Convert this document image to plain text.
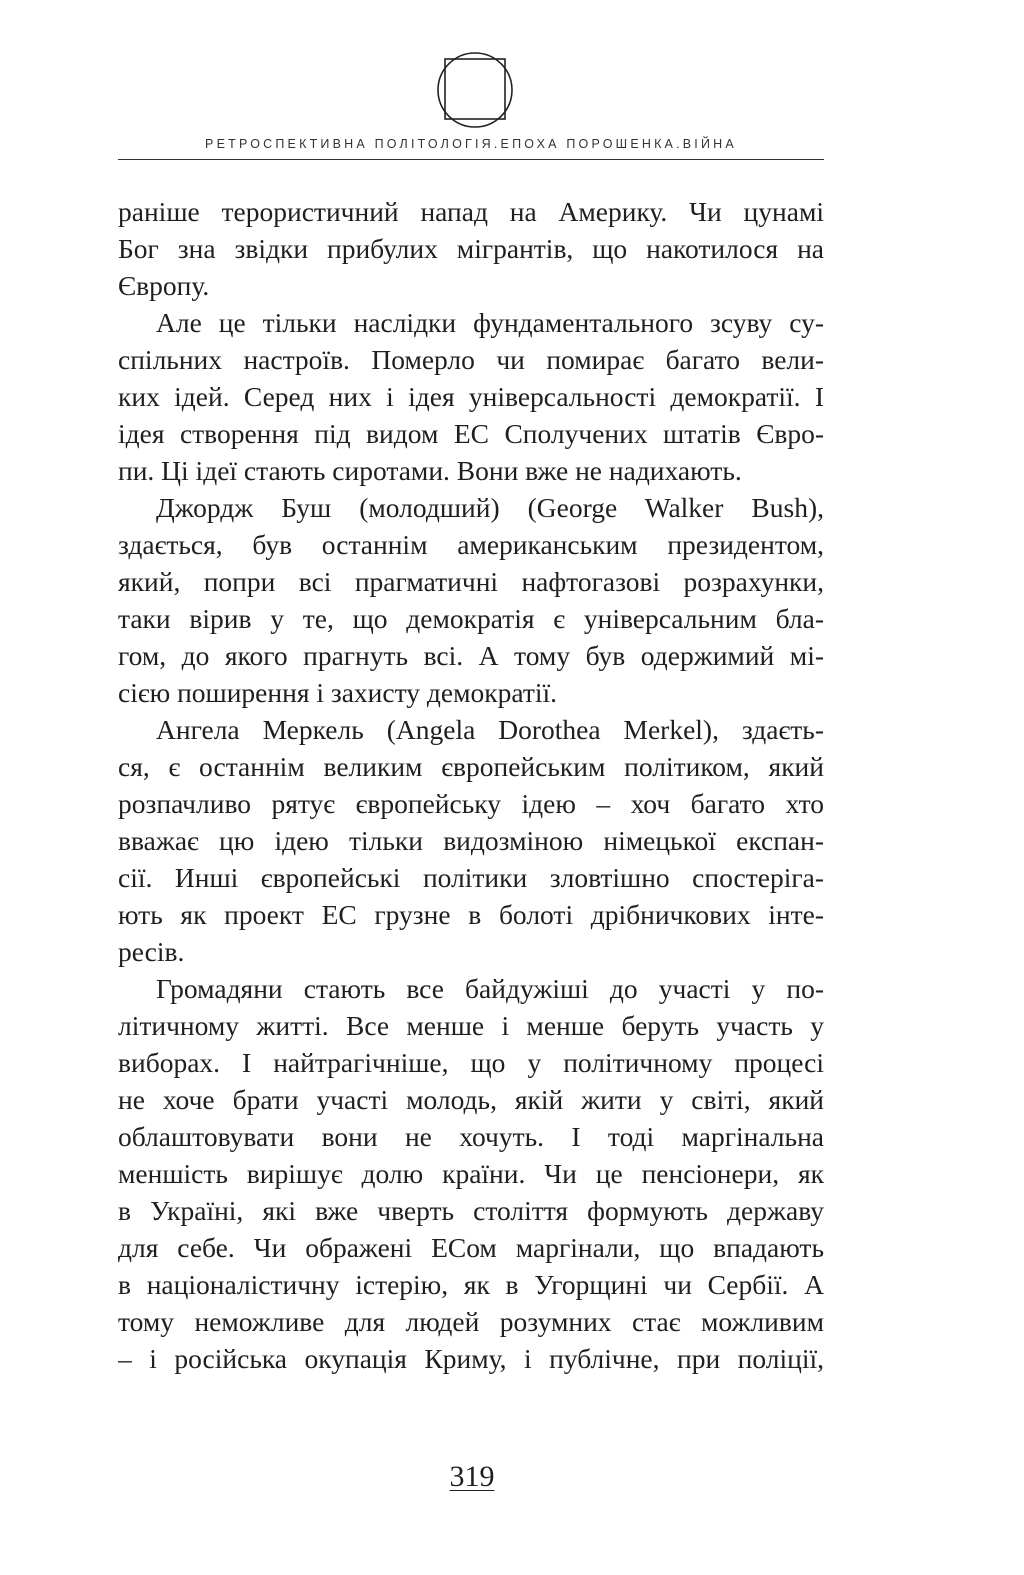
РЕТРОСПЕКТИВНА ПОЛІТОЛОГІЯ.ЕПОХА ПОРОШЕНКА.ВІЙНА
раніше терористичний напад на Америку. Чи цунамі
Бог зна звідки прибулих мігрантів, що накотилося на
Європу.
Але це тільки наслідки фундаментального зсуву су-
спільних настроїв. Померло чи помирає багато вели-
ких ідей. Серед них і ідея універсальності демократії. І
ідея створення під видом ЕС Сполучених штатів Євро-
пи. Ці ідеї стають сиротами. Вони вже не надихають.
Джордж Буш (молодший) (George Walker Bush),
здається, був останнім американським президентом,
який, попри всі прагматичні нафтогазові розрахунки,
таки вірив у те, що демократія є універсальним бла-
гом, до якого прагнуть всі. А тому був одержимий мі-
сією поширення і захисту демократії.
Ангела Меркель (Angela Dorothea Merkel), здаєть-
ся, є останнім великим європейським політиком, який
розпачливо рятує європейську ідею – хоч багато хто
вважає цю ідею тільки видозміною німецької експан-
сії. Инші європейські політики зловтішно спостеріга-
ють як проект ЕС грузне в болоті дрібничкових інте-
ресів.
Громадяни стають все байдужіші до участі у по-
літичному житті. Все менше і менше беруть участь у
виборах. І найтрагічніше, що у політичному процесі
не хоче брати участі молодь, якій жити у світі, який
облаштовувати вони не хочуть. І тоді маргінальна
меншість вирішує долю країни. Чи це пенсіонери, як
в Україні, які вже чверть століття формують державу
для себе. Чи ображені ЕСом маргінали, що впадають
в націоналістичну істерію, як в Угорщині чи Сербії. А
тому неможливе для людей розумних стає можливим
– і російська окупація Криму, і публічне, при поліції,
319
